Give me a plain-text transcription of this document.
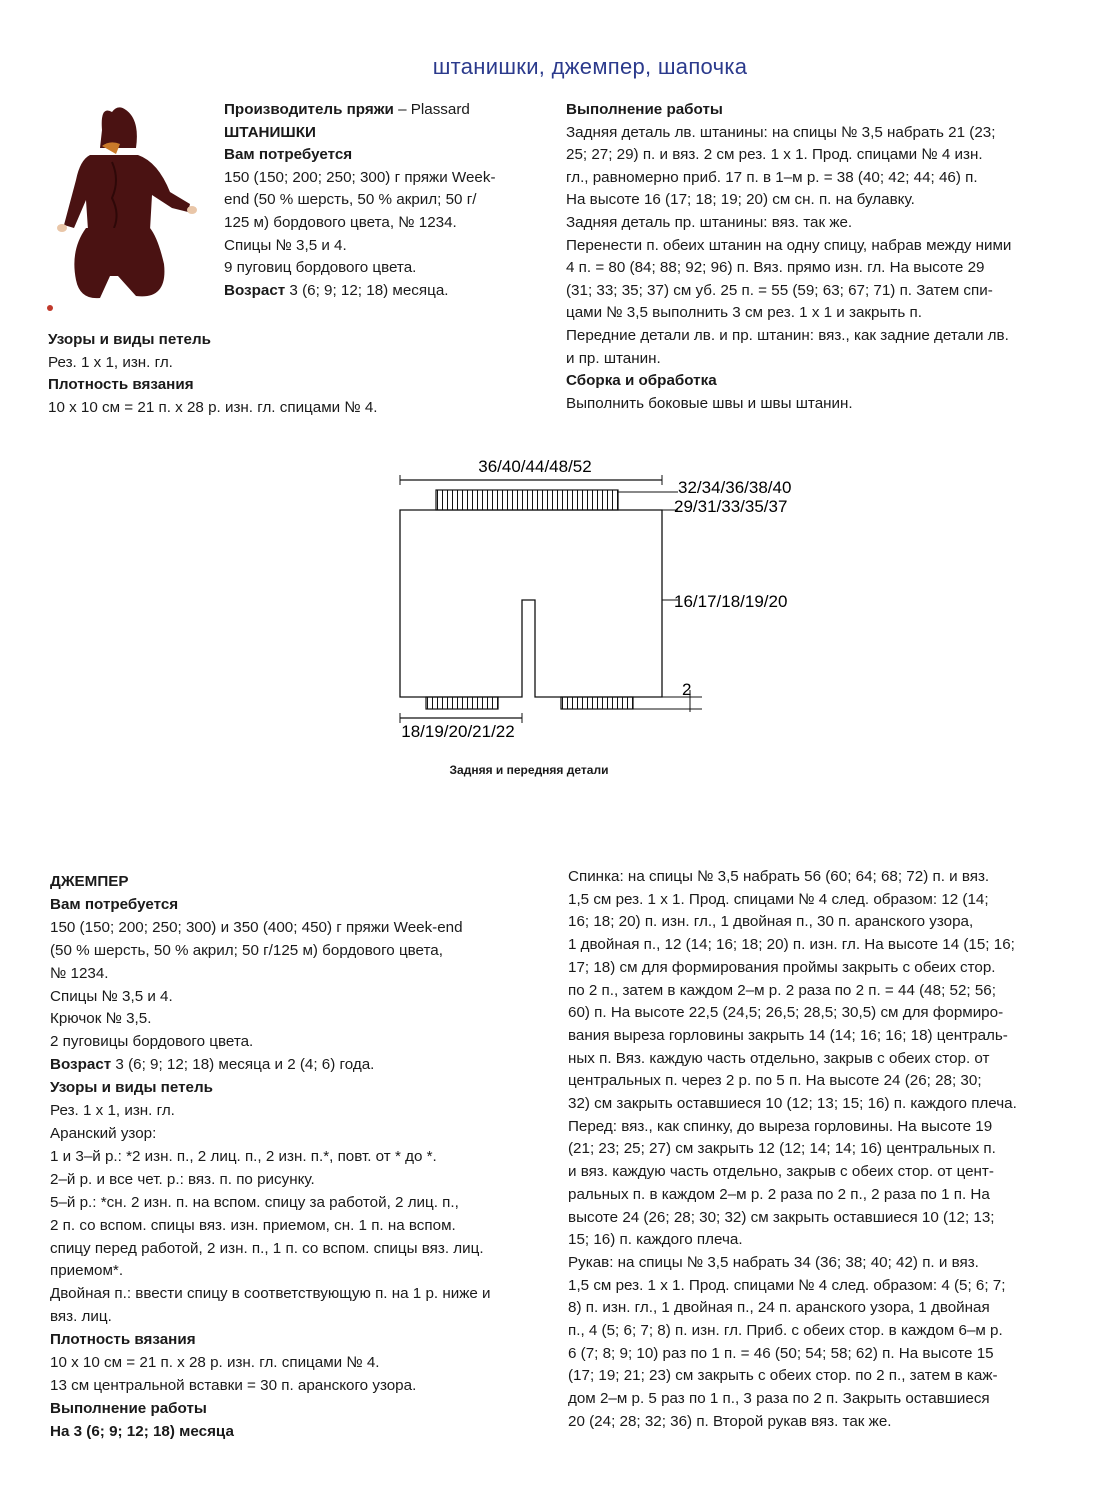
штанишки, джемпер, шапочка
Производитель пряжи – Plassard
ШТАНИШКИ
Вам потребуется
150 (150; 200; 250; 300) г пряжи Week-
end (50 % шерсть, 50 % акрил; 50 г/
125 м) бордового цвета, № 1234.
Спицы № 3,5 и 4.
9 пуговиц бордового цвета.
Возраст 3 (6; 9; 12; 18) месяца.
Узоры и виды петель
Рез. 1 х 1, изн. гл.
Плотность вязания
10 х 10 см = 21 п. х 28 р. изн. гл. спицами № 4.
Выполнение работы
Задняя деталь лв. штанины: на спицы № 3,5 набрать 21 (23;
25; 27; 29) п. и вяз. 2 см рез. 1 х 1. Прод. спицами № 4 изн.
гл., равномерно приб. 17 п. в 1–м р. = 38 (40; 42; 44; 46) п.
На высоте 16 (17; 18; 19; 20) см сн. п. на булавку.
Задняя деталь пр. штанины: вяз. так же.
Перенести п. обеих штанин на одну спицу, набрав между ними
4 п. = 80 (84; 88; 92; 96) п. Вяз. прямо изн. гл. На высоте 29
(31; 33; 35; 37) см уб. 25 п. = 55 (59; 63; 67; 71) п. Затем спи-
цами № 3,5 выполнить 3 см рез. 1 х 1 и закрыть п.
Передние детали лв. и пр. штанин: вяз., как задние детали лв.
и пр. штанин.
Сборка и обработка
Выполнить боковые швы и швы штанин.
36/40/44/48/52
32/34/36/38/40
29/31/33/35/37
16/17/18/19/20
2
18/19/20/21/22
Задняя и передняя детали
ДЖЕМПЕР
Вам потребуется
150 (150; 200; 250; 300) и 350 (400; 450) г пряжи Week-end
(50 % шерсть, 50 % акрил; 50 г/125 м) бордового цвета,
№ 1234.
Спицы № 3,5 и 4.
Крючок № 3,5.
2 пуговицы бордового цвета.
Возраст 3 (6; 9; 12; 18) месяца и 2 (4; 6) года.
Узоры и виды петель
Рез. 1 х 1, изн. гл.
Аранский узор:
1 и 3–й р.: *2 изн. п., 2 лиц. п., 2 изн. п.*, повт. от * до *.
2–й р. и все чет. р.: вяз. п. по рисунку.
5–й р.: *сн. 2 изн. п. на вспом. спицу за работой, 2 лиц. п.,
2 п. со вспом. спицы вяз. изн. приемом, сн. 1 п. на вспом.
спицу перед работой, 2 изн. п., 1 п. со вспом. спицы вяз. лиц.
приемом*.
Двойная п.: ввести спицу в соответствующую п. на 1 р. ниже и
вяз. лиц.
Плотность вязания
10 х 10 см = 21 п. х 28 р. изн. гл. спицами № 4.
13 см центральной вставки = 30 п. аранского узора.
Выполнение работы
На 3 (6; 9; 12; 18) месяца
Спинка: на спицы № 3,5 набрать 56 (60; 64; 68; 72) п. и вяз.
1,5 см рез. 1 х 1. Прод. спицами № 4 след. образом: 12 (14;
16; 18; 20) п. изн. гл., 1 двойная п., 30 п. аранского узора,
1 двойная п., 12 (14; 16; 18; 20) п. изн. гл. На высоте 14 (15; 16;
17; 18) см для формирования проймы закрыть с обеих стор.
по 2 п., затем в каждом 2–м р. 2 раза по 2 п. = 44 (48; 52; 56;
60) п. На высоте 22,5 (24,5; 26,5; 28,5; 30,5) см для формиро-
вания выреза горловины закрыть 14 (14; 16; 16; 18) централь-
ных п. Вяз. каждую часть отдельно, закрыв с обеих стор. от
центральных п. через 2 р. по 5 п. На высоте 24 (26; 28; 30;
32) см закрыть оставшиеся 10 (12; 13; 15; 16) п. каждого плеча.
Перед: вяз., как спинку, до выреза горловины. На высоте 19
(21; 23; 25; 27) см закрыть 12 (12; 14; 14; 16) центральных п.
и вяз. каждую часть отдельно, закрыв с обеих стор. от цент-
ральных п. в каждом 2–м р. 2 раза по 2 п., 2 раза по 1 п. На
высоте 24 (26; 28; 30; 32) см закрыть оставшиеся 10 (12; 13;
15; 16) п. каждого плеча.
Рукав: на спицы № 3,5 набрать 34 (36; 38; 40; 42) п. и вяз.
1,5 см рез. 1 х 1. Прод. спицами № 4 след. образом: 4 (5; 6; 7;
8) п. изн. гл., 1 двойная п., 24 п. аранского узора, 1 двойная
п., 4 (5; 6; 7; 8) п. изн. гл. Приб. с обеих стор. в каждом 6–м р.
6 (7; 8; 9; 10) раз по 1 п. = 46 (50; 54; 58; 62) п. На высоте 15
(17; 19; 21; 23) см закрыть с обеих стор. по 2 п., затем в каж-
дом 2–м р. 5 раз по 1 п., 3 раза по 2 п. Закрыть оставшиеся
20 (24; 28; 32; 36) п. Второй рукав вяз. так же.
